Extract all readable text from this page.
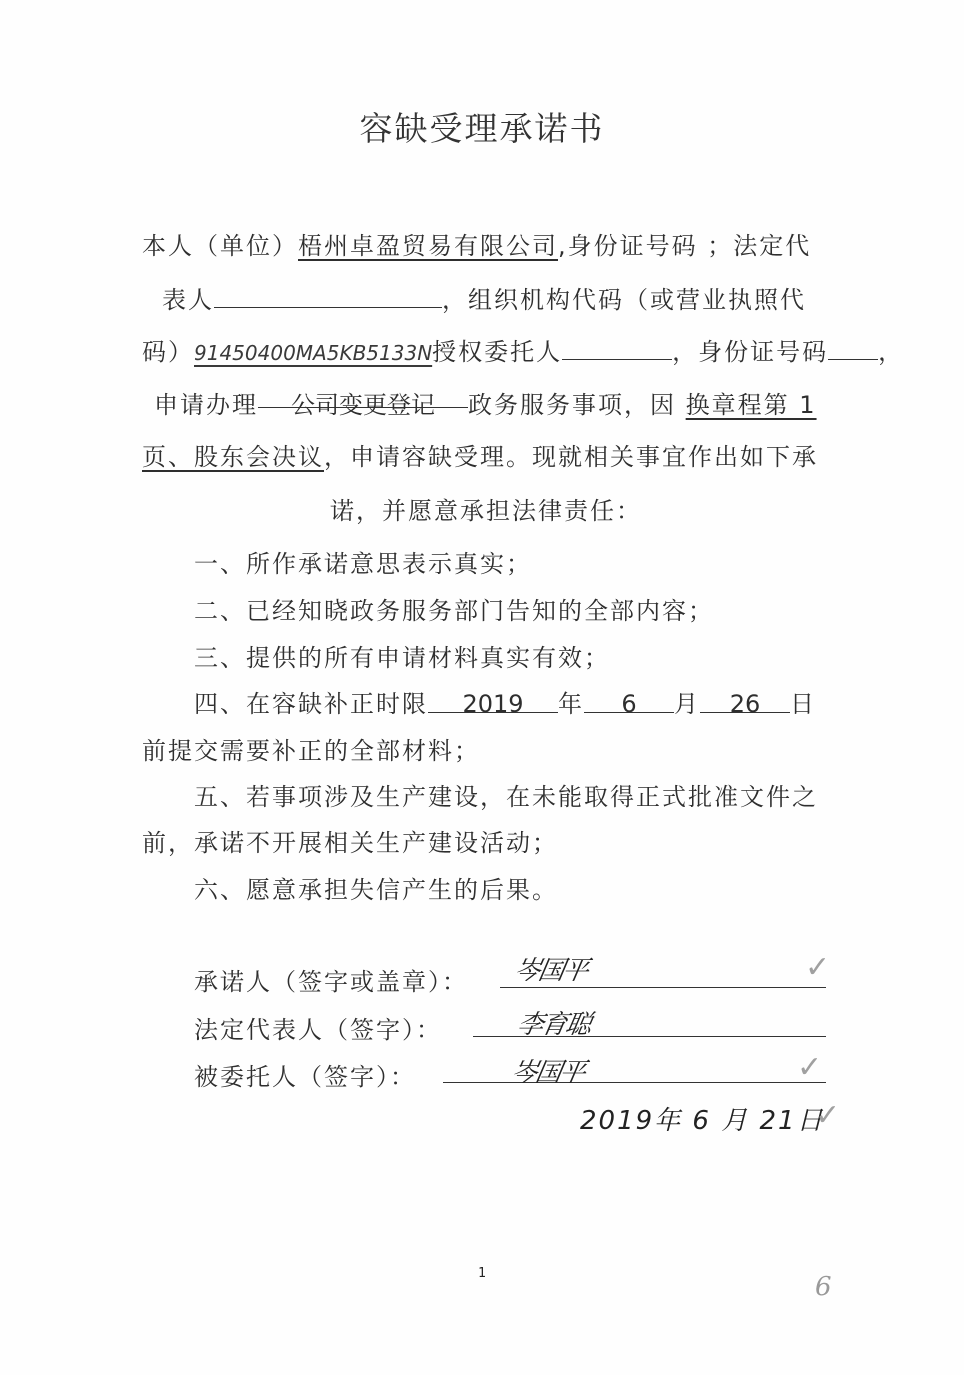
容缺受理承诺书
本人（单位）梧州卓盈贸易有限公司,身份证号码 ；法定代
表人	，组织机构代码（或营业执照代
码）914504​00MA5KB5133N授权委托人	，身份证号码 ，
申请办理 公司变更登记 政务服务事项，因 换章程第 1
页、股东会决议，申请容缺受理。现就相关事宜作出如下承
诺，并愿意承担法律责任：
一、所作承诺意思表示真实；
二、已经知晓政务服务部门告知的全部内容；
三、提供的所有申请材料真实有效；
四、在容缺补正时限 2019 年 6 月 26 日
前提交需要补正的全部材料；
五、若事项涉及生产建设，在未能取得正式批准文件之
前，承诺不开展相关生产建设活动；
六、愿意承担失信产生的后果。
承诺人（签字或盖章）： 岑国平	✓
法定代表人（签字）：	李育聪
被委托人（签字）：	岑国平	✓
2019年 6 月 21日
✓
1	6
